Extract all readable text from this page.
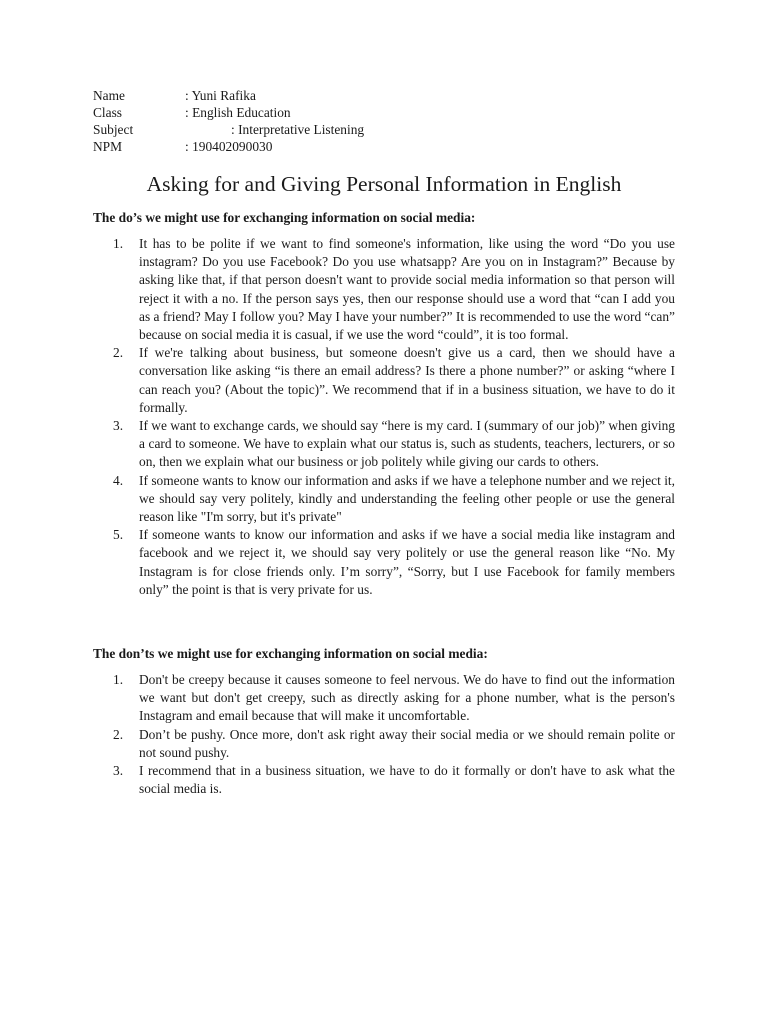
Name	: Yuni Rafika
Class	: English Education
Subject	: Interpretative Listening
NPM	: 190402090030
Asking for and Giving Personal Information in English
The do’s we might use for exchanging information on social media:
1. It has to be polite if we want to find someone's information, like using the word “Do you use instagram? Do you use Facebook? Do you use whatsapp? Are you on in Instagram?” Because by asking like that, if that person doesn't want to provide social media information so that person will reject it with a no. If the person says yes, then our response should use a word that “can I add you as a friend? May I follow you? May I have your number?” It is recommended to use the word “can” because on social media it is casual, if we use the word “could”, it is too formal.
2. If we're talking about business, but someone doesn't give us a card, then we should have a conversation like asking “is there an email address? Is there a phone number?” or asking “where I can reach you? (About the topic)”. We recommend that if in a business situation, we have to do it formally.
3. If we want to exchange cards, we should say “here is my card. I (summary of our job)” when giving a card to someone. We have to explain what our status is, such as students, teachers, lecturers, or so on, then we explain what our business or job politely while giving our cards to others.
4. If someone wants to know our information and asks if we have a telephone number and we reject it, we should say very politely, kindly and understanding the feeling other people or use the general reason like "I'm sorry, but it's private"
5. If someone wants to know our information and asks if we have a social media like instagram and facebook and we reject it, we should say very politely or use the general reason like “No. My Instagram is for close friends only. I’m sorry”, “Sorry, but I use Facebook for family members only” the point is that is very private for us.
The don’ts we might use for exchanging information on social media:
1. Don't be creepy because it causes someone to feel nervous. We do have to find out the information we want but don't get creepy, such as directly asking for a phone number, what is the person's Instagram and email because that will make it uncomfortable.
2. Don’t be pushy. Once more, don't ask right away their social media or we should remain polite or not sound pushy.
3. I recommend that in a business situation, we have to do it formally or don't have to ask what the social media is.
